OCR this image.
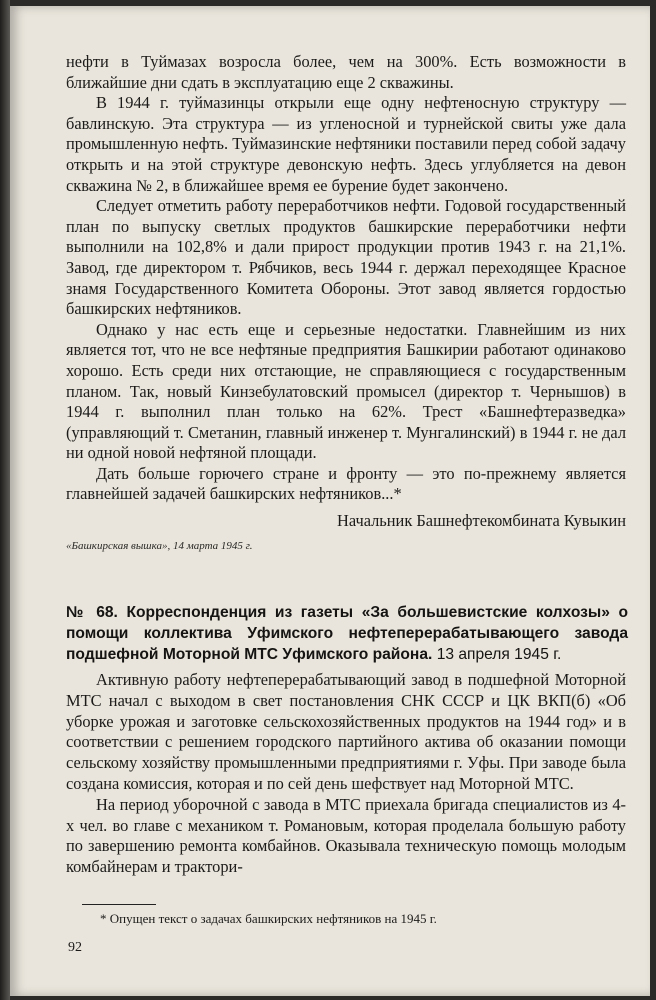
нефти в Туймазах возросла более, чем на 300%. Есть возможности в ближайшие дни сдать в эксплуатацию еще 2 скважины.

В 1944 г. туймазинцы открыли еще одну нефтеносную структуру — бавлинскую. Эта структура — из угленосной и турнейской свиты уже дала промышленную нефть. Туймазинские нефтяники поставили перед собой задачу открыть и на этой структуре девонскую нефть. Здесь углубляется на девон скважина № 2, в ближайшее время ее бурение будет закончено.

Следует отметить работу переработчиков нефти. Годовой государственный план по выпуску светлых продуктов башкирские переработчики нефти выполнили на 102,8% и дали прирост продукции против 1943 г. на 21,1%. Завод, где директором т. Рябчиков, весь 1944 г. держал переходящее Красное знамя Государственного Комитета Обороны. Этот завод является гордостью башкирских нефтяников.

Однако у нас есть еще и серьезные недостатки. Главнейшим из них является тот, что не все нефтяные предприятия Башкирии работают одинаково хорошо. Есть среди них отстающие, не справляющиеся с государственным планом. Так, новый Кинзебулатовский промысел (директор т. Чернышов) в 1944 г. выполнил план только на 62%. Трест «Башнефтеразведка» (управляющий т. Сметанин, главный инженер т. Мунгалинский) в 1944 г. не дал ни одной новой нефтяной площади.

Дать больше горючего стране и фронту — это по-прежнему является главнейшей задачей башкирских нефтяников...*

Начальник Башнефтекомбината Кувыкин

«Башкирская вышка», 14 марта 1945 г.
№ 68. Корреспонденция из газеты «За большевистские колхозы» о помощи коллектива Уфимского нефтеперерабатывающего завода подшефной Моторной МТС Уфимского района. 13 апреля 1945 г.

Активную работу нефтеперерабатывающий завод в подшефной Моторной МТС начал с выходом в свет постановления СНК СССР и ЦК ВКП(б) «Об уборке урожая и заготовке сельскохозяйственных продуктов на 1944 год» и в соответствии с решением городского партийного актива об оказании помощи сельскому хозяйству промышленными предприятиями г. Уфы. При заводе была создана комиссия, которая и по сей день шефствует над Моторной МТС.

На период уборочной с завода в МТС приехала бригада специалистов из 4-х чел. во главе с механиком т. Романовым, которая проделала большую работу по завершению ремонта комбайнов. Оказывала техническую помощь молодым комбайнерам и трактори-

* Опущен текст о задачах башкирских нефтяников на 1945 г.
92
